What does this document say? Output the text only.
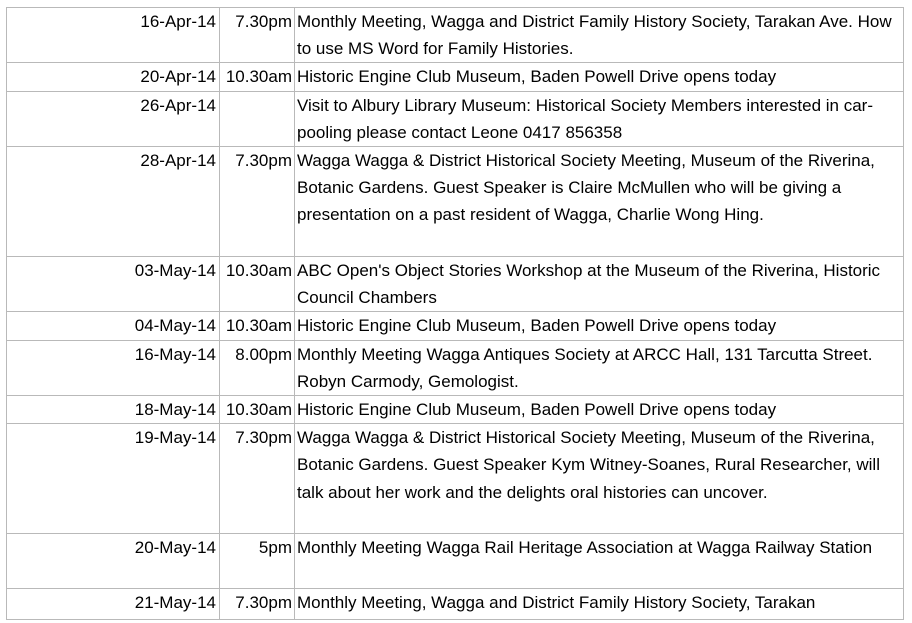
16-Apr-14	7.30pm	Monthly Meeting, Wagga and District Family History Society, Tarakan Ave. How to use MS Word for Family Histories.
20-Apr-14	10.30am	Historic Engine Club Museum, Baden Powell Drive opens today
26-Apr-14		Visit to Albury Library Museum: Historical Society Members interested in car-pooling please contact Leone 0417 856358
28-Apr-14	7.30pm	Wagga Wagga & District Historical Society Meeting, Museum of the Riverina, Botanic Gardens. Guest Speaker is Claire McMullen who will be giving a presentation on a past resident of Wagga, Charlie Wong Hing.
03-May-14	10.30am	ABC Open's Object Stories Workshop at the Museum of the Riverina, Historic Council Chambers
04-May-14	10.30am	Historic Engine Club Museum, Baden Powell Drive opens today
16-May-14	8.00pm	Monthly Meeting Wagga Antiques Society at ARCC Hall, 131 Tarcutta Street. Robyn Carmody, Gemologist.
18-May-14	10.30am	Historic Engine Club Museum, Baden Powell Drive opens today
19-May-14	7.30pm	Wagga Wagga & District Historical Society Meeting, Museum of the Riverina, Botanic Gardens. Guest Speaker Kym Witney-Soanes, Rural Researcher, will talk about her work and the delights oral histories can uncover.
20-May-14	5pm	Monthly Meeting Wagga Rail Heritage Association at Wagga Railway Station
21-May-14	7.30pm	Monthly Meeting, Wagga and District Family History Society, Tarakan
